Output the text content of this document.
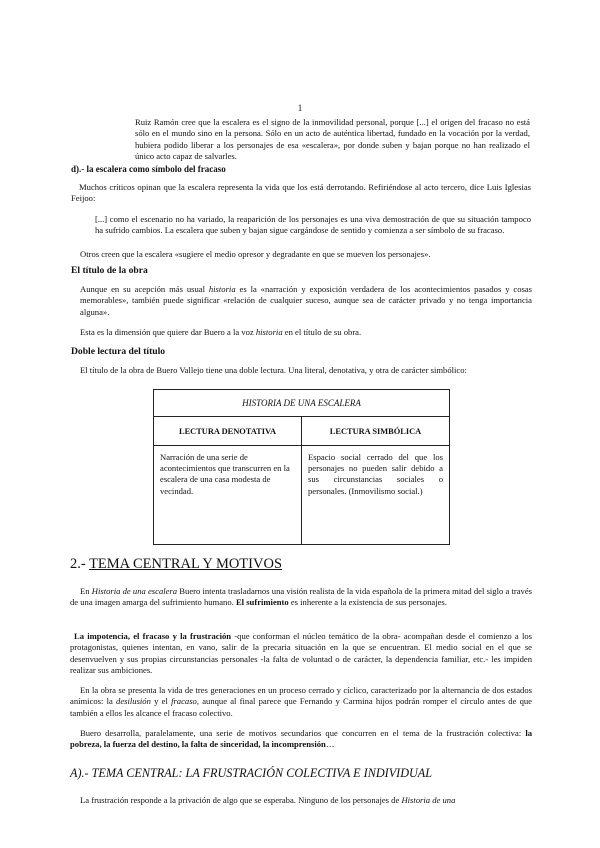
1

Ruiz Ramón cree que la escalera es el signo de la inmovilidad personal, porque [...] el origen del fracaso no está sólo en el mundo sino en la persona. Sólo en un acto de auténtica libertad, fundado en la vocación por la verdad, hubiera podido liberar a los personajes de esa «escalera», por donde suben y bajan porque no han realizado el único acto capaz de salvarles.

d).- la escalera como símbolo del fracaso

Muchos críticos opinan que la escalera representa la vida que los está derrotando. Refiriéndose al acto tercero, dice Luis Iglesias Feijoo:

[...] como el escenario no ha variado, la reaparición de los personajes es una viva demostración de que su situación tampoco ha sufrido cambios. La escalera que suben y bajan sigue cargándose de sentido y comienza a ser símbolo de su fracaso.

Otros creen que la escalera «sugiere el medio opresor y degradante en que se mueven los personajes».

El título de la obra

Aunque en su acepción más usual historia es la «narración y exposición verdadera de los acontecimientos pasados y cosas memorables», también puede significar «relación de cualquier suceso, aunque sea de carácter privado y no tenga importancia alguna».

Esta es la dimensión que quiere dar Buero a la voz historia en el título de su obra.

Doble lectura del título

El título de la obra de Buero Vallejo tiene una doble lectura. Una literal, denotativa, y otra de carácter simbólico:

HISTORIA DE UNA ESCALERA	
LECTURA DENOTATIVA	LECTURA SIMBÓLICA
Narración de una serie de acontecimientos que transcurren en la escalera de una casa modesta de vecindad.	Espacio social cerrado del que los personajes no pueden salir debido a sus circunstancias sociales o personales. (Inmovilismo social.)
2.- TEMA CENTRAL Y MOTIVOS

En Historia de una escalera Buero intenta trasladarnos una visión realista de la vida española de la primera mitad del siglo a través de una imagen amarga del sufrimiento humano. El sufrimiento es inherente a la existencia de sus personajes.

La impotencia, el fracaso y la frustración -que conforman el núcleo temático de la obra- acompañan desde el comienzo a los protagonistas, quienes intentan, en vano, salir de la precaria situación en la que se encuentran. El medio social en el que se desenvuelven y sus propias circunstancias personales -la falta de voluntad o de carácter, la dependencia familiar, etc.- les impiden realizar sus ambiciones.

En la obra se presenta la vida de tres generaciones en un proceso cerrado y cíclico, caracterizado por la alternancia de dos estados anímicos: la desilusión y el fracaso, aunque al final parece que Fernando y Carmina hijos podrán romper el círculo antes de que también a ellos les alcance el fracaso colectivo.

Buero desarrolla, paralelamente, una serie de motivos secundarios que concurren en el tema de la frustración colectiva: la pobreza, la fuerza del destino, la falta de sinceridad, la incomprensión…

A).- TEMA CENTRAL: LA FRUSTRACIÓN COLECTIVA E INDIVIDUAL

La frustración responde a la privación de algo que se esperaba. Ninguno de los personajes de Historia de una
